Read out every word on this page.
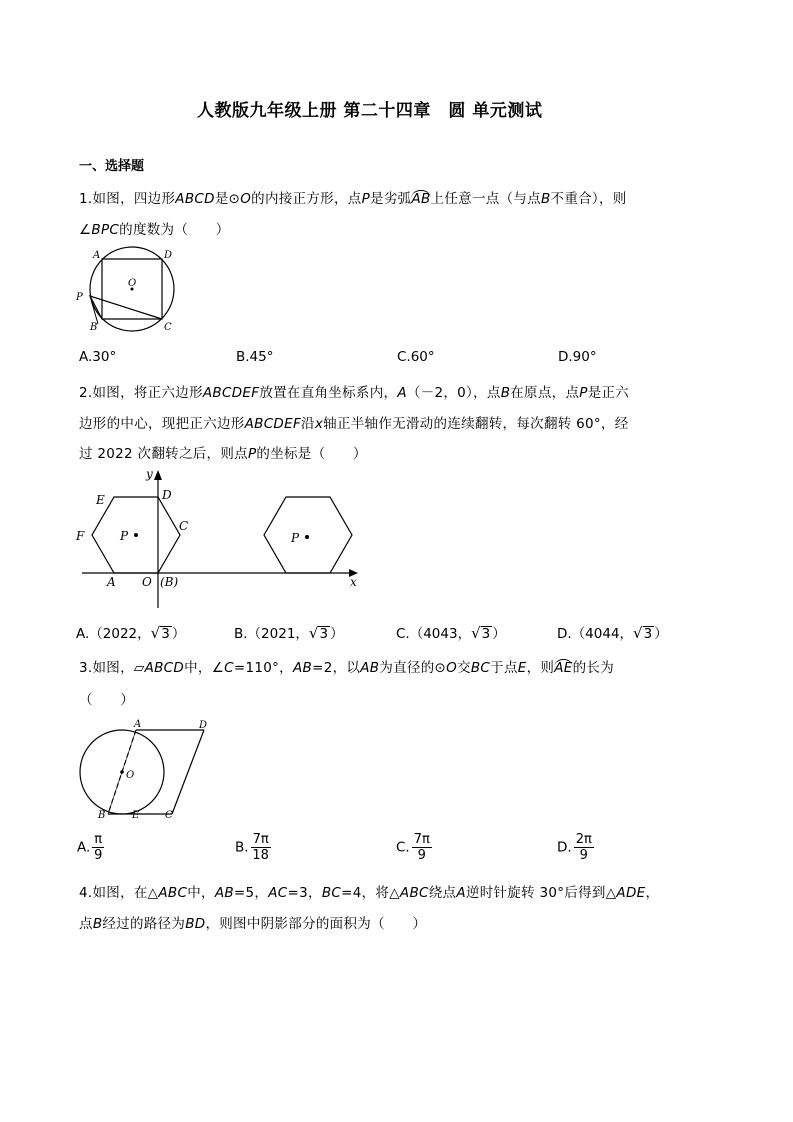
人教版九年级上册 第二十四章　圆 单元测试
一、选择题
1.如图，四边形ABCD是⊙O的内接正方形，点P是劣弧AB上任意一点（与点B不重合），则
∠BPC的度数为（　　）
A	D
O
P
B	C
A.30°	B.45°	C.60°	D.90°
2.如图，将正六边形ABCDEF放置在直角坐标系内，A（－2，0），点B在原点，点P是正六
边形的中心，现把正六边形ABCDEF沿x轴正半轴作无滑动的连续翻转，每次翻转 60°，经
过 2022 次翻转之后，则点P的坐标是（　　）
y
x
E	D
F
C
P
A O (B)
P
A.（2022，√3 ）	B.（2021，√3 ）	C.（4043，√3 ）	D.（4044，√3 ）
3.如图，▱ABCD中，∠C=110°，AB=2，以AB为直径的⊙O交BC于点E，则AE的长为
（　　）
A	D
O
B	E	C
A. $\frac{\pi}{9}$	B. $\frac{7\pi}{18}$	C. $\frac{7\pi}{9}$	D. $\frac{2\pi}{9}$
4.如图，在△ABC中，AB=5，AC=3，BC=4，将△ABC绕点A逆时针旋转 30°后得到△ADE，
点B经过的路径为BD，则图中阴影部分的面积为（　　）
